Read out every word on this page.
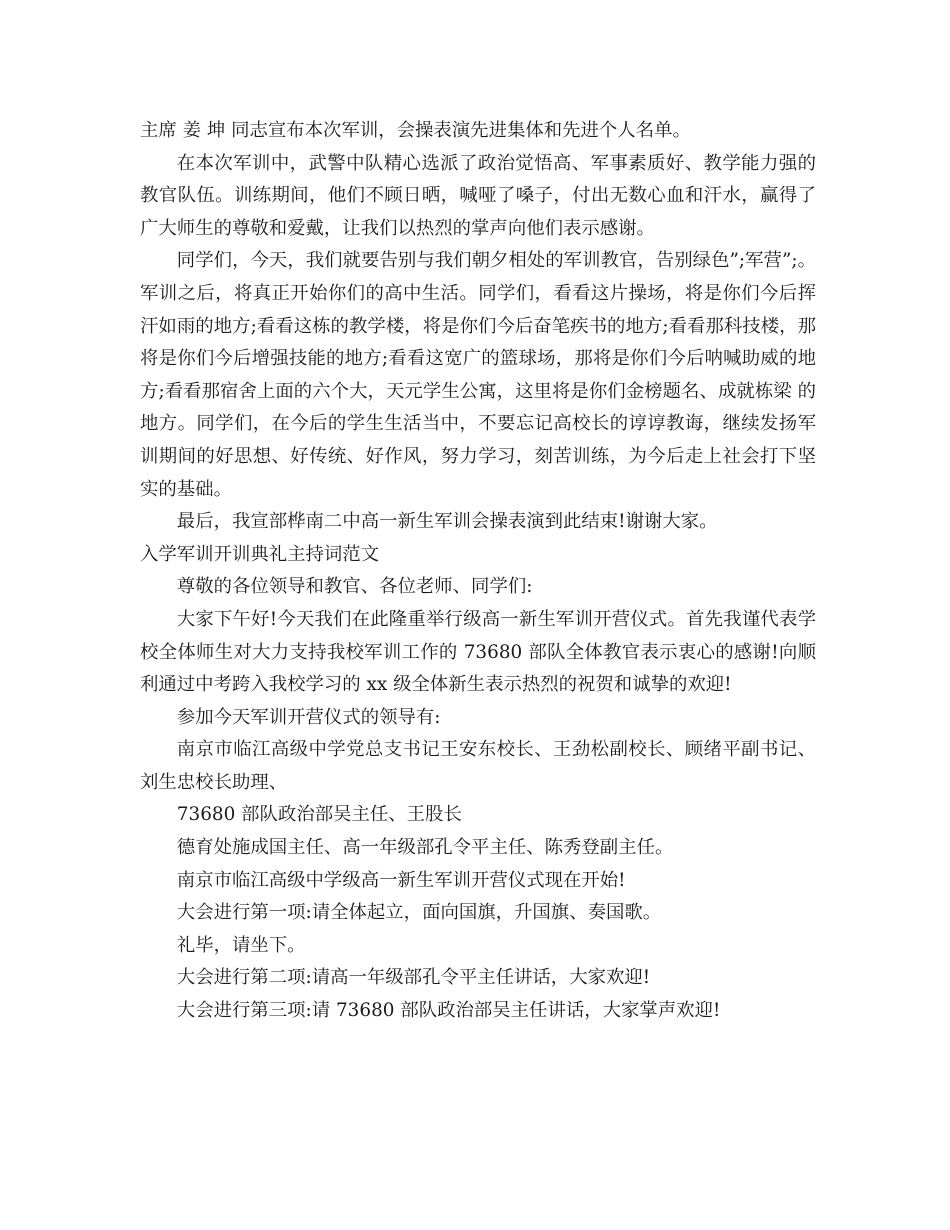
主席 姜 坤 同志宣布本次军训，会操表演先进集体和先进个人名单。

在本次军训中，武警中队精心选派了政治觉悟高、军事素质好、教学能力强的教官队伍。训练期间，他们不顾日晒，喊哑了嗓子，付出无数心血和汗水，赢得了广大师生的尊敬和爱戴，让我们以热烈的掌声向他们表示感谢。

同学们，今天，我们就要告别与我们朝夕相处的军训教官，告别绿色”;军营”;。军训之后，将真正开始你们的高中生活。同学们，看看这片操场，将是你们今后挥汗如雨的地方;看看这栋的教学楼，将是你们今后奋笔疾书的地方;看看那科技楼，那将是你们今后增强技能的地方;看看这宽广的篮球场，那将是你们今后呐喊助威的地方;看看那宿舍上面的六个大，天元学生公寓，这里将是你们金榜题名、成就栋梁 的地方。同学们，在今后的学生生活当中，不要忘记高校长的谆谆教诲，继续发扬军训期间的好思想、好传统、好作风，努力学习，刻苦训练，为今后走上社会打下坚实的基础。

最后，我宣部桦南二中高一新生军训会操表演到此结束!谢谢大家。

入学军训开训典礼主持词范文

尊敬的各位领导和教官、各位老师、同学们:

大家下午好!今天我们在此隆重举行级高一新生军训开营仪式。首先我谨代表学校全体师生对大力支持我校军训工作的 73680 部队全体教官表示衷心的感谢!向顺利通过中考跨入我校学习的 xx 级全体新生表示热烈的祝贺和诚挚的欢迎!

参加今天军训开营仪式的领导有:

南京市临江高级中学党总支书记王安东校长、王劲松副校长、顾绪平副书记、刘生忠校长助理、

73680 部队政治部吴主任、王股长

德育处施成国主任、高一年级部孔令平主任、陈秀登副主任。

南京市临江高级中学级高一新生军训开营仪式现在开始!

大会进行第一项:请全体起立，面向国旗，升国旗、奏国歌。

礼毕，请坐下。

大会进行第二项:请高一年级部孔令平主任讲话，大家欢迎!

大会进行第三项:请 73680 部队政治部吴主任讲话，大家掌声欢迎!
